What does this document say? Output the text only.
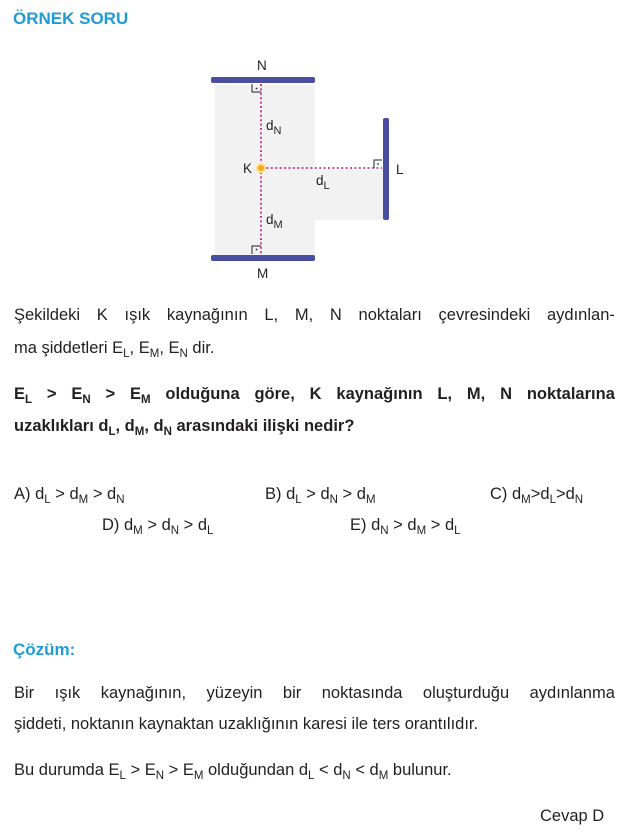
ÖRNEK SORU
N
M
K	L
$d_N$
$d_M$
$d_L$
Şekildeki K ışık kaynağının L, M, N noktaları çevresindeki aydınlan-
ma şiddetleri $E_L$, $E_M$, $E_N$ dir.
$E_L > E_N > E_M$ olduğuna göre, K kaynağının L, M, N noktalarına
uzaklıkları $d_L$, $d_M$, $d_N$ arasındaki ilişki nedir?
A) $d_L > d_M > d_N$	B) $d_L > d_N > d_M$	C) $d_M>d_L>d_N$
D) $d_M > d_N > d_L$	E) $d_N > d_M > d_L$
Çözüm:
Bir ışık kaynağının, yüzeyin bir noktasında oluşturduğu aydınlanma
şiddeti, noktanın kaynaktan uzaklığının karesi ile ters orantılıdır.
Bu durumda $E_L > E_N > E_M$ olduğundan $d_L < d_N < d_M$ bulunur.
Cevap D
